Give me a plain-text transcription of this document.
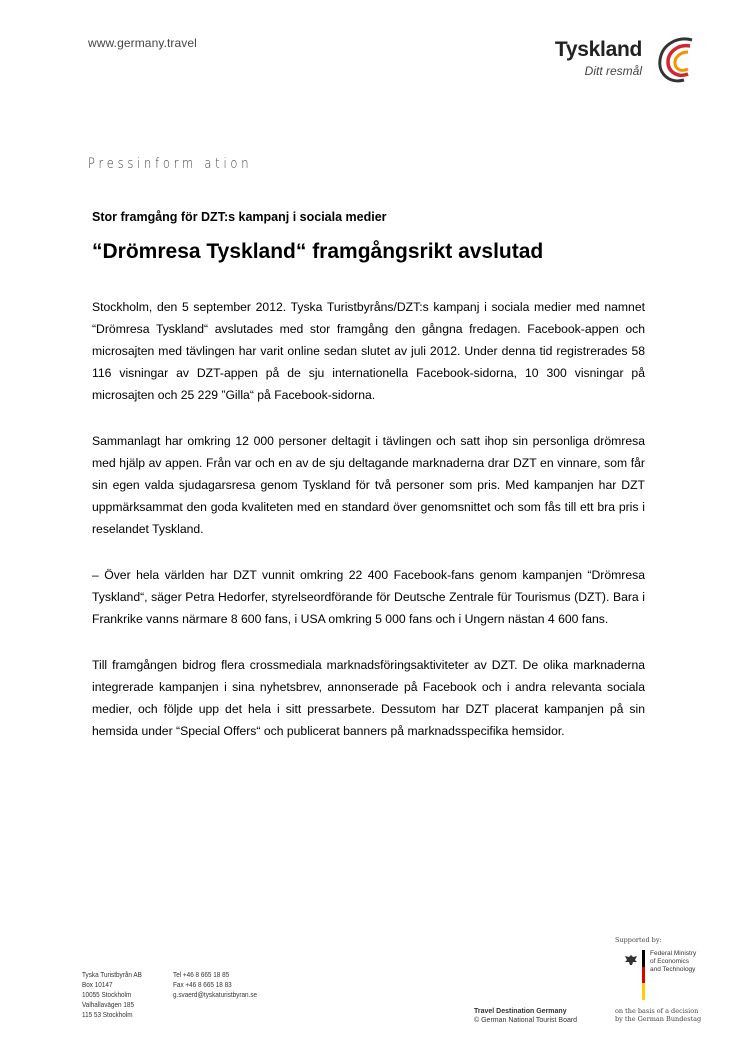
www.germany.travel	Tyskland
Ditt resmål
Pressinform ation
Stor framgång för DZT:s kampanj i sociala medier
“Drömresa Tyskland“ framgångsrikt avslutad

Stockholm, den 5 september 2012. Tyska Turistbyråns/DZT:s kampanj i sociala medier med namnet “Drömresa Tyskland“ avslutades med stor framgång den gångna fredagen. Facebook-appen och microsajten med tävlingen har varit online sedan slutet av juli 2012. Under denna tid registrerades 58 116 visningar av DZT-appen på de sju internationella Facebook-sidorna, 10 300 visningar på microsajten och 25 229 ”Gilla“ på Facebook-sidorna.

Sammanlagt har omkring 12 000 personer deltagit i tävlingen och satt ihop sin personliga drömresa med hjälp av appen. Från var och en av de sju deltagande marknaderna drar DZT en vinnare, som får sin egen valda sjudagarsresa genom Tyskland för två personer som pris. Med kampanjen har DZT uppmärksammat den goda kvaliteten med en standard över genomsnittet och som fås till ett bra pris i reselandet Tyskland.

– Över hela världen har DZT vunnit omkring 22 400 Facebook-fans genom kampanjen “Drömresa Tyskland“, säger Petra Hedorfer, styrelseordförande för Deutsche Zentrale für Tourismus (DZT). Bara i Frankrike vanns närmare 8 600 fans, i USA omkring 5 000 fans och i Ungern nästan 4 600 fans.

Till framgången bidrog flera crossmediala marknadsföringsaktiviteter av DZT. De olika marknaderna integrerade kampanjen i sina nyhetsbrev, annonserade på Facebook och i andra relevanta sociala medier, och följde upp det hela i sitt pressarbete. Dessutom har DZT placerat kampanjen på sin hemsida under “Special Offers“ och publicerat banners på marknadsspecifika hemsidor.

Tyska Turistbyrån AB
Box 10147
10055 Stockholm
Valhallavägen 185
115 53 Stockholm
Tel +46 8 665 18 85
Fax +46 8 665 18 83
g.svaerd@tyskaturistbyran.se
Travel Destination Germany
© German National Tourist Board
Supported by:
Federal Ministry
of Economics
and Technology
on the basis of a decision
by the German Bundestag
